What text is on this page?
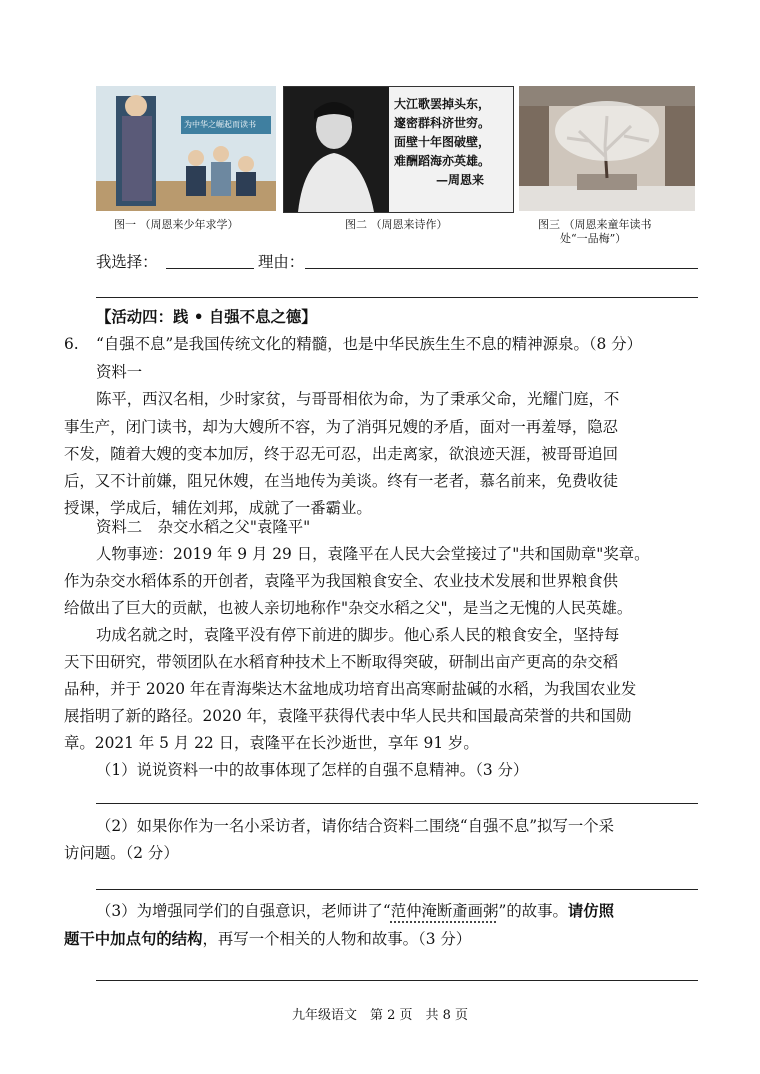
为中华之崛起而读书
图一 （周恩来少年求学）
大江歌罢掉头东，
邃密群科济世穷。
面壁十年图破壁，
难酬蹈海亦英雄。
—周恩来
图二 （周恩来诗作）	图三 （周恩来童年读书
处“一品梅”）
我选择：	理由：
【活动四：践 • 自强不息之德】
6. “自强不息”是我国传统文化的精髓，也是中华民族生生不息的精神源泉。（8 分）
资料一
陈平，西汉名相，少时家贫，与哥哥相依为命，为了秉承父命，光耀门庭，不
事生产，闭门读书，却为大嫂所不容，为了消弭兄嫂的矛盾，面对一再羞辱，隐忍
不发，随着大嫂的变本加厉，终于忍无可忍，出走离家，欲浪迹天涯，被哥哥追回
后，又不计前嫌，阻兄休嫂，在当地传为美谈。终有一老者，慕名前来，免费收徒
授课，学成后，辅佐刘邦，成就了一番霸业。
资料二　杂交水稻之父"袁隆平"
人物事迹：2019 年 9 月 29 日，袁隆平在人民大会堂接过了"共和国勋章"奖章。
作为杂交水稻体系的开创者，袁隆平为我国粮食安全、农业技术发展和世界粮食供
给做出了巨大的贡献，也被人亲切地称作"杂交水稻之父"，是当之无愧的人民英雄。
功成名就之时，袁隆平没有停下前进的脚步。他心系人民的粮食安全，坚持每
天下田研究，带领团队在水稻育种技术上不断取得突破，研制出亩产更高的杂交稻
品种，并于 2020 年在青海柴达木盆地成功培育出高寒耐盐碱的水稻，为我国农业发
展指明了新的路径。2020 年，袁隆平获得代表中华人民共和国最高荣誉的共和国勋
章。2021 年 5 月 22 日，袁隆平在长沙逝世，享年 91 岁。
（1）说说资料一中的故事体现了怎样的自强不息精神。（3 分）
（2）如果你作为一名小采访者，请你结合资料二围绕“自强不息”拟写一个采
访问题。（2 分）
（3）为增强同学们的自强意识，老师讲了“范仲淹断齑画粥”的故事。请仿照
题干中加点句的结构，再写一个相关的人物和故事。（3 分）
九年级语文　第 2 页　共 8 页
